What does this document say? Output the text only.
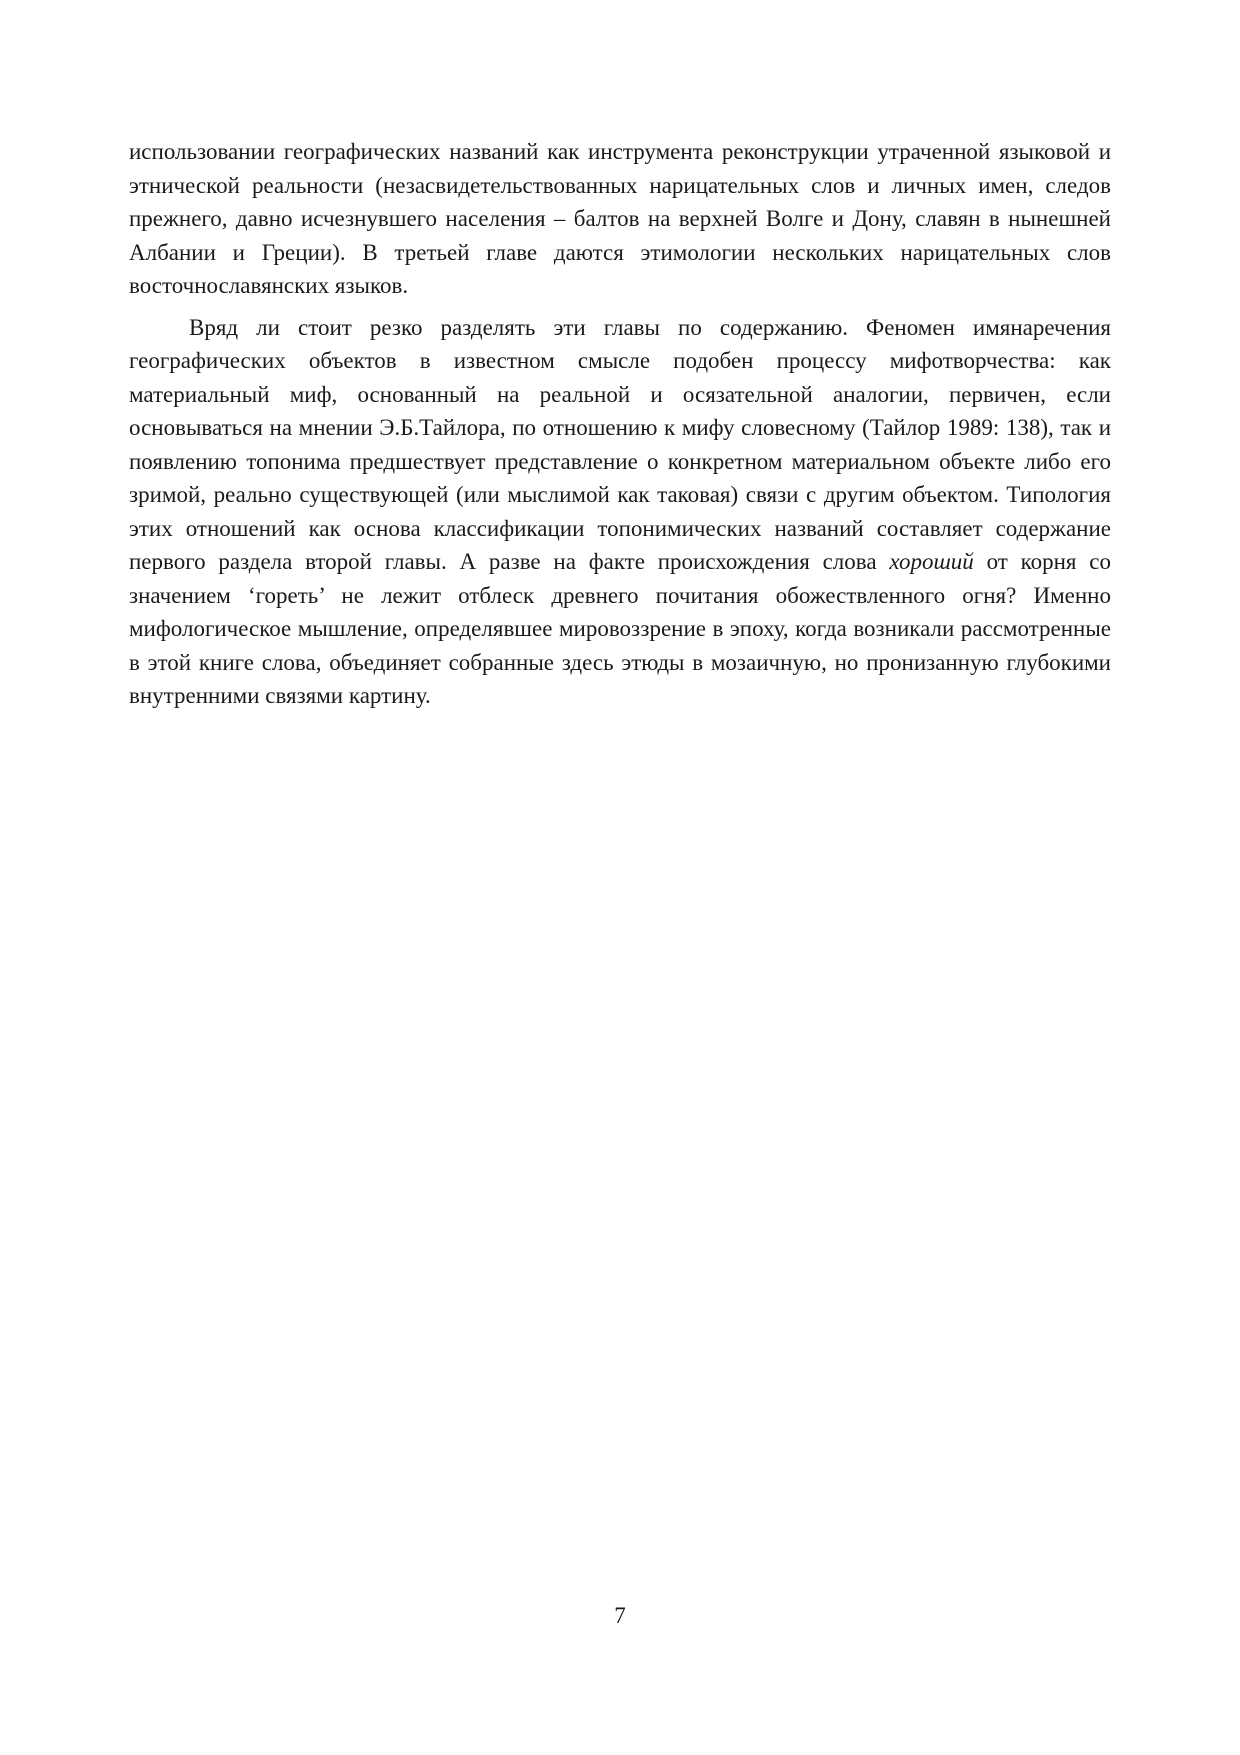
использовании географических названий как инструмента реконструкции утраченной языковой и этнической реальности (незасвидетельствованных нарицательных слов и личных имен, следов прежнего, давно исчезнувшего населения – балтов на верхней Волге и Дону, славян в нынешней Албании и Греции). В третьей главе даются этимологии нескольких нарицательных слов восточнославянских языков.

Вряд ли стоит резко разделять эти главы по содержанию. Феномен имянаречения географических объектов в известном смысле подобен процессу мифотворчества: как материальный миф, основанный на реальной и осязательной аналогии, первичен, если основываться на мнении Э.Б.Тайлора, по отношению к мифу словесному (Тайлор 1989: 138), так и появлению топонима предшествует представление о конкретном материальном объекте либо его зримой, реально существующей (или мыслимой как таковая) связи с другим объектом. Типология этих отношений как основа классификации топонимических названий составляет содержание первого раздела второй главы. А разве на факте происхождения слова хороший от корня со значением ‘гореть’ не лежит отблеск древнего почитания обожествленного огня? Именно мифологическое мышление, определявшее мировоззрение в эпоху, когда возникали рассмотренные в этой книге слова, объединяет собранные здесь этюды в мозаичную, но пронизанную глубокими внутренними связями картину.

7
